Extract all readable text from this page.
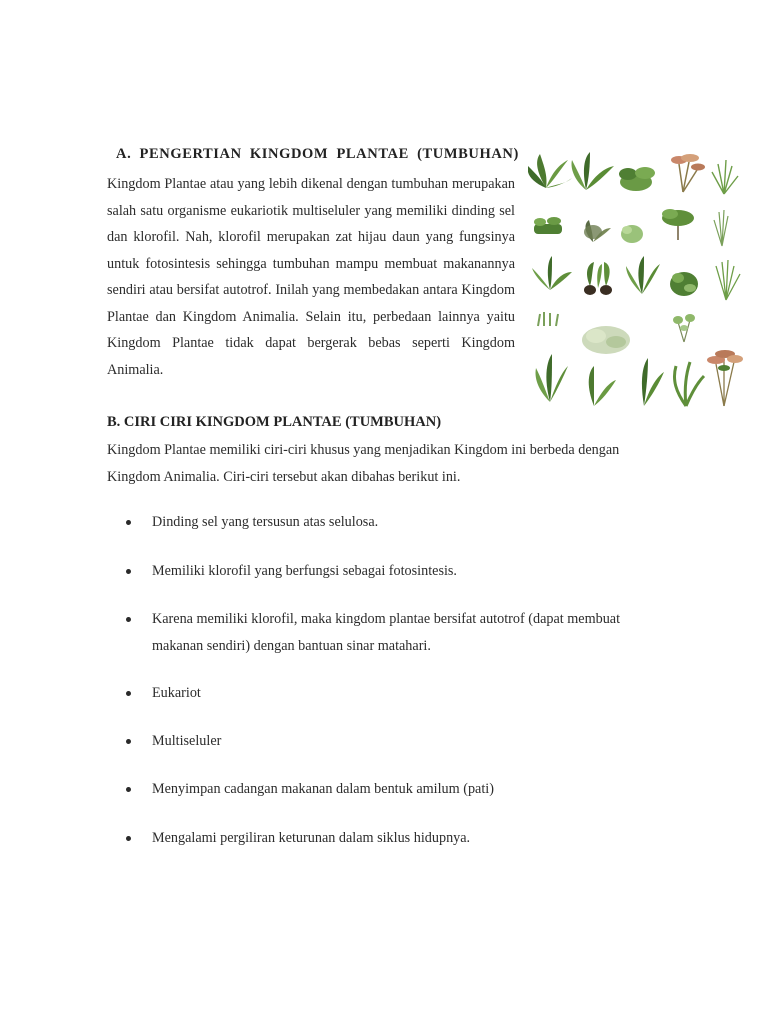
A. PENGERTIAN KINGDOM PLANTAE (TUMBUHAN)
Kingdom Plantae atau yang lebih dikenal dengan tumbuhan merupakan salah satu organisme eukariotik multiseluler yang memiliki dinding sel dan klorofil. Nah, klorofil merupakan zat hijau daun yang fungsinya untuk fotosintesis sehingga tumbuhan mampu membuat makanannya sendiri atau bersifat autotrof. Inilah yang membedakan antara Kingdom Plantae dan Kingdom Animalia. Selain itu, perbedaan lainnya yaitu Kingdom Plantae tidak dapat bergerak bebas seperti Kingdom Animalia.
B. CIRI CIRI KINGDOM PLANTAE (TUMBUHAN)
Kingdom Plantae memiliki ciri-ciri khusus yang menjadikan Kingdom ini berbeda dengan Kingdom Animalia. Ciri-ciri tersebut akan dibahas berikut ini.
Dinding sel yang tersusun atas selulosa.
Memiliki klorofil yang berfungsi sebagai fotosintesis.
Karena memiliki klorofil, maka kingdom plantae bersifat autotrof (dapat membuat makanan sendiri) dengan bantuan sinar matahari.
Eukariot
Multiseluler
Menyimpan cadangan makanan dalam bentuk amilum (pati)
Mengalami pergiliran keturunan dalam siklus hidupnya.
